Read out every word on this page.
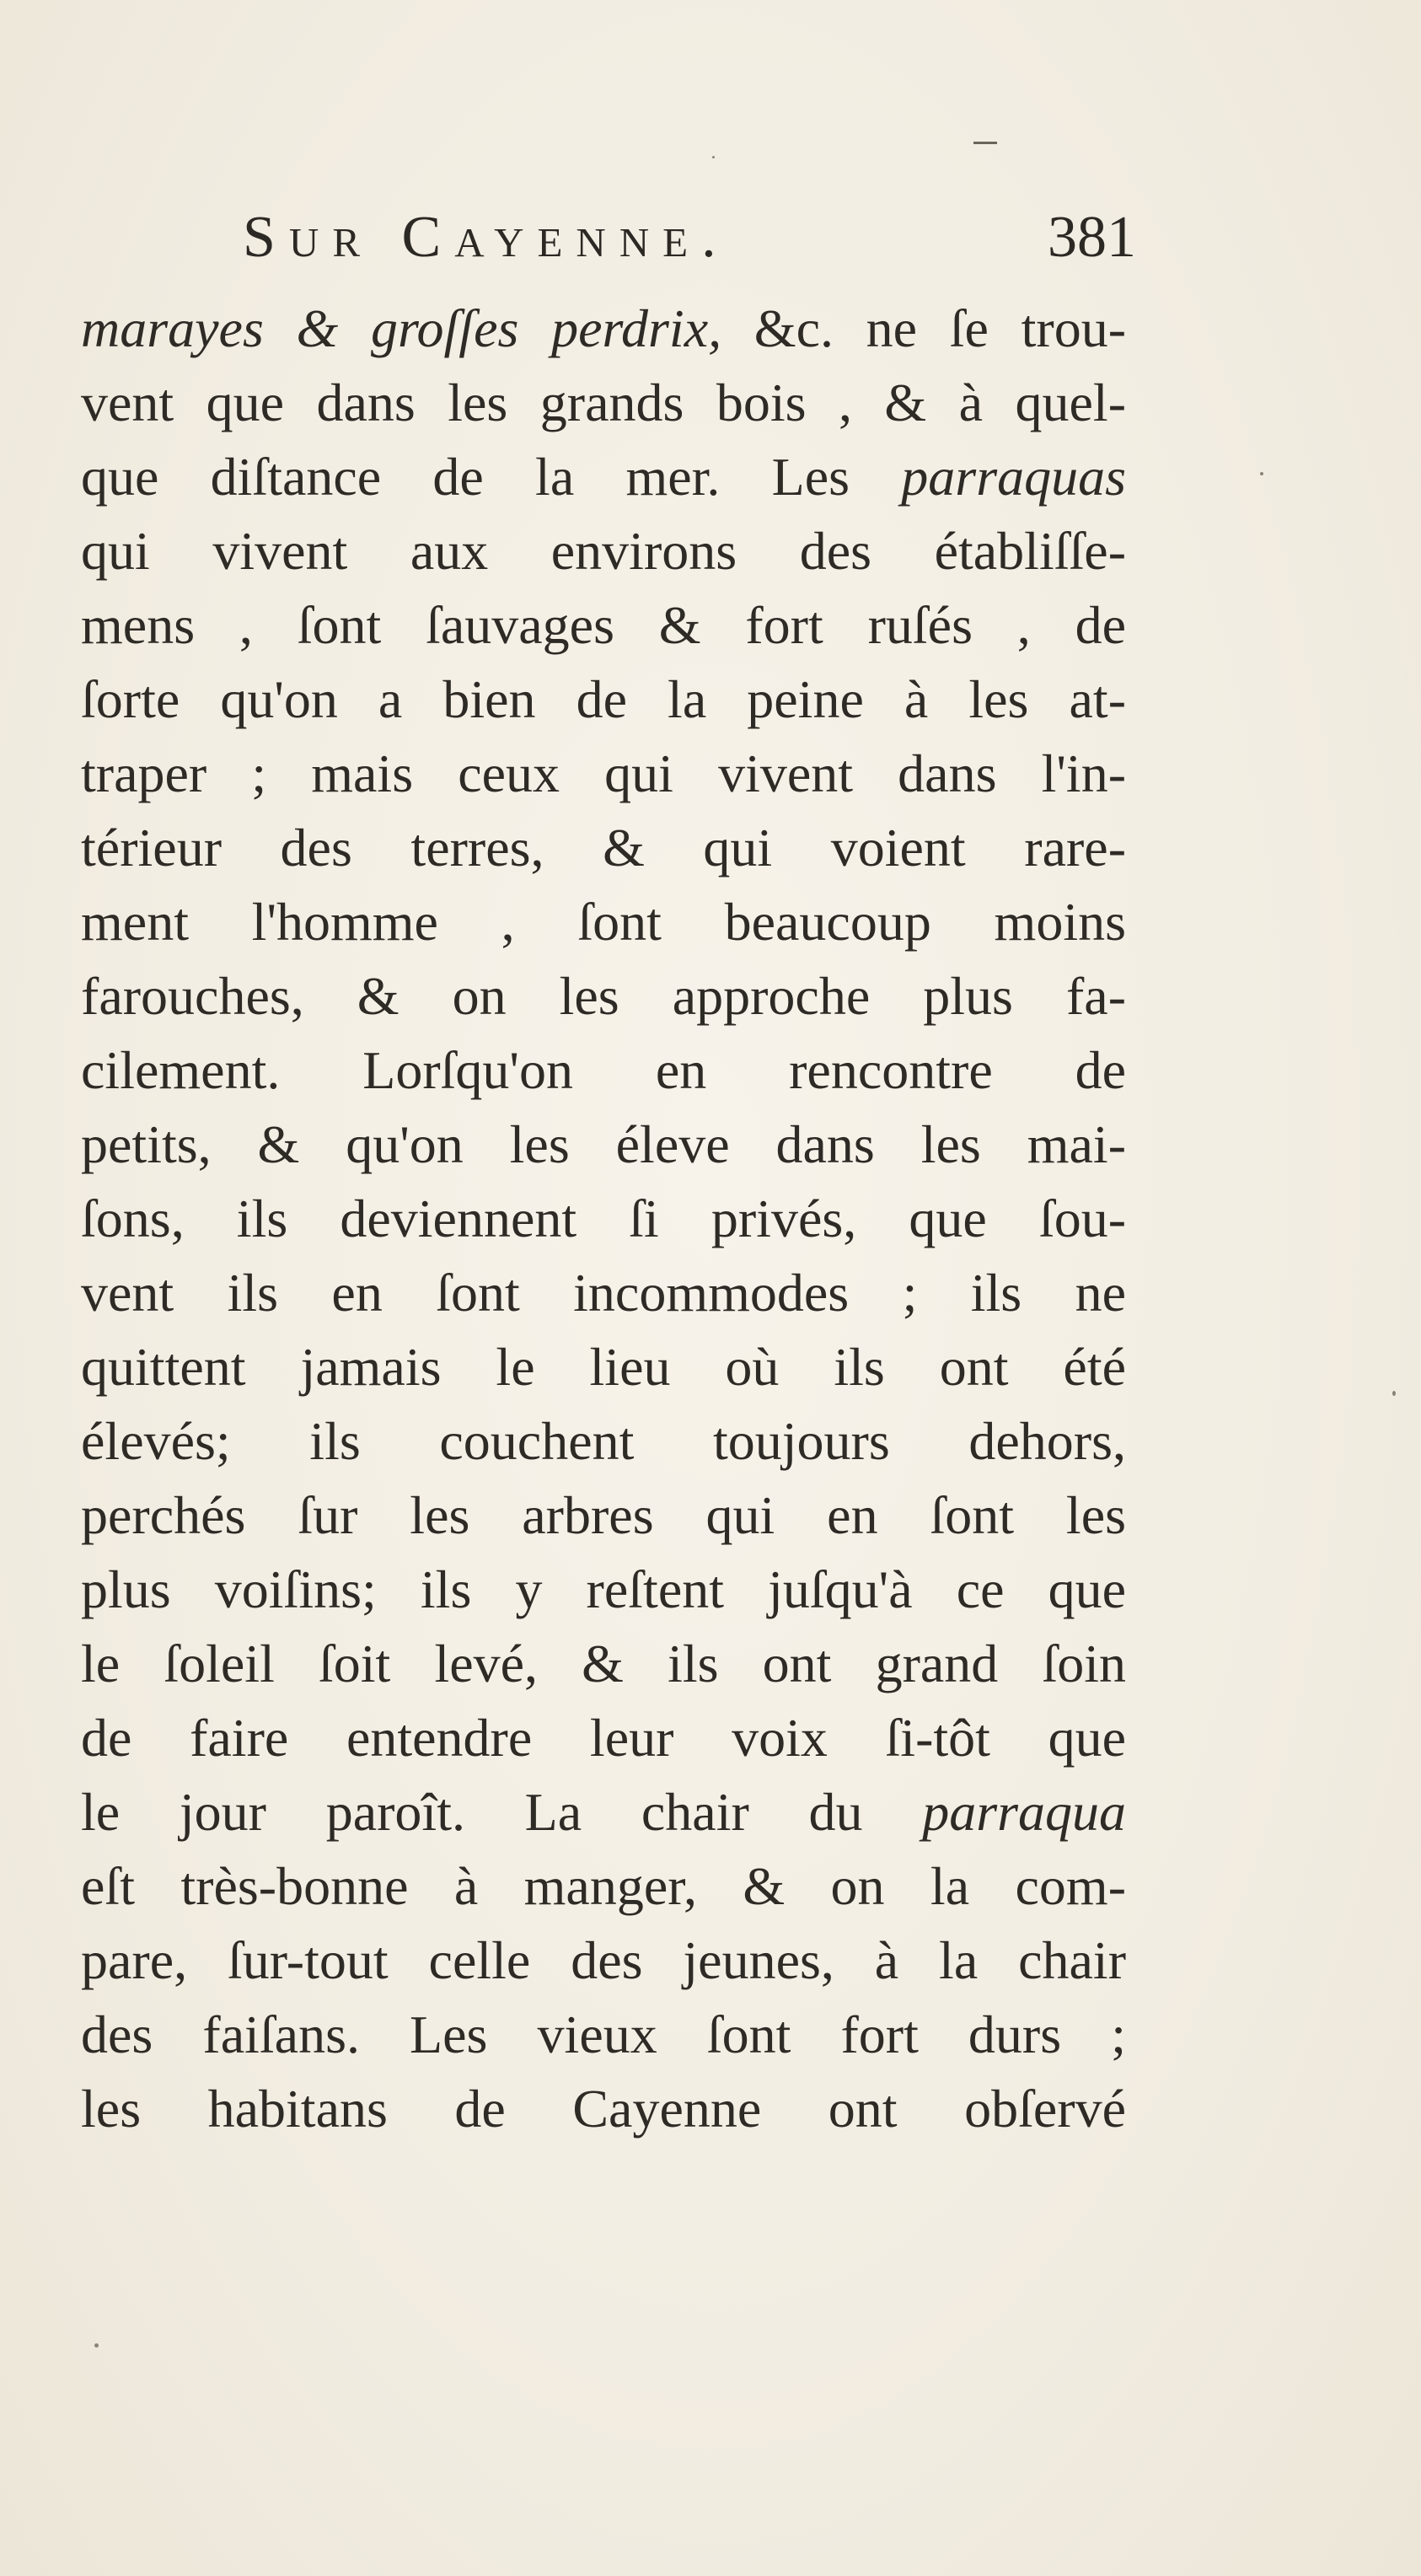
Sur Cayenne.	381
marayes & groſſes perdrix, &c. ne ſe trou-
vent que dans les grands bois , & à quel-
que diſtance de la mer. Les parraquas
qui vivent aux environs des établiſſe-
mens , ſont ſauvages & fort ruſés , de
ſorte qu'on a bien de la peine à les at-
traper ; mais ceux qui vivent dans l'in-
térieur des terres, & qui voient rare-
ment l'homme , ſont beaucoup moins
farouches, & on les approche plus fa-
cilement. Lorſqu'on en rencontre de
petits, & qu'on les éleve dans les mai-
ſons, ils deviennent ſi privés, que ſou-
vent ils en ſont incommodes ; ils ne
quittent jamais le lieu où ils ont été
élevés; ils couchent toujours dehors,
perchés ſur les arbres qui en ſont les
plus voiſins; ils y reſtent juſqu'à ce que
le ſoleil ſoit levé, & ils ont grand ſoin
de faire entendre leur voix ſi-tôt que
le jour paroît. La chair du parraqua
eſt très-bonne à manger, & on la com-
pare, ſur-tout celle des jeunes, à la chair
des faiſans. Les vieux ſont fort durs ;
les habitans de Cayenne ont obſervé
